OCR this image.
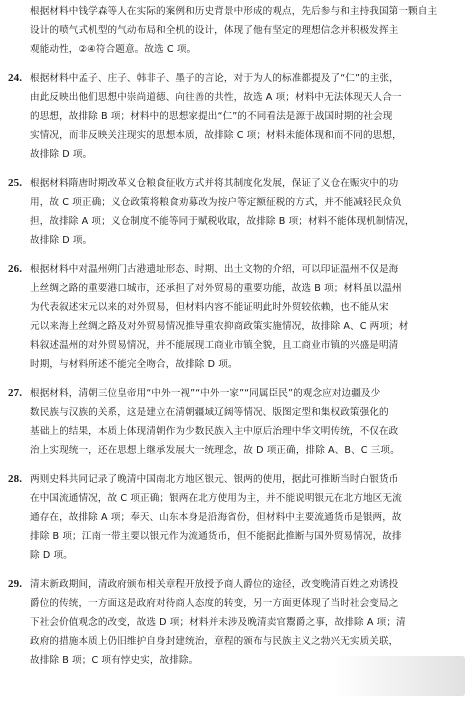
根据材料中钱学森等人在实际的案例和历史背景中形成的观点，先后参与和主持我国第一颗自主
设计的喷气式机型的气动布局和全机的设计，体现了他有坚定的理想信念并积极发挥主
观能动性，②④符合题意。故选 C 项。
24. 根据材料中孟子、庄子、韩非子、墨子的言论，对于为人的标准都提及了“仁”的主张，
由此反映出他们思想中崇尚道德、向往善的共性，故选 A 项；材料中无法体现天人合一
的思想，故排除 B 项；材料中的思想家提出“仁”的不同看法是源于战国时期的社会现
实情况，而非反映关注现实的思想本质，故排除 C 项；材料未能体现和而不同的思想，
故排除 D 项。
25. 根据材料隋唐时期改革义仓粮食征收方式并将其制度化发展，保证了义仓在赈灾中的功
用，故 C 项正确；义仓政策将粮食劝募改为按户等定额征税的方式，并不能减轻民众负
担，故排除 A 项；义仓制度不能等同于赋税收取，故排除 B 项；材料不能体现机制情况，
故排除 D 项。
26. 根据材料中对温州朔门古港遗址形态、时期、出土文物的介绍，可以印证温州不仅是海
上丝绸之路的重要港口城市，还承担了对外贸易的重要功能，故选 B 项；材料虽以温州
为代表叙述宋元以来的对外贸易，但材料内容不能证明此时外贸较依赖，也不能从宋
元以来海上丝绸之路及对外贸易情况推导重农抑商政策实施情况，故排除 A、C 两项；材
料叙述温州的对外贸易情况，并不能展现工商业市镇全貌，且工商业市镇的兴盛是明清
时期，与材料所述不能完全吻合，故排除 D 项。
27. 根据材料，清朝三位皇帝用“中外一视”“中外一家”“同属臣民”的观念应对边疆及少
数民族与汉族的关系，这是建立在清朝疆域辽阔等情况、版图定型和集权政策强化的
基础上的结果，本质上体现清朝作为少数民族入主中原后治理中华文明传统，不仅在政
治上实现统一，还在思想上继承发展大一统理念，故 D 项正确，排除 A、B、C 三项。
28. 两则史料共同记录了晚清中国南北方地区银元、银两的使用，据此可推断当时白银货币
在中国流通情况，故 C 项正确；银两在北方使用为主，并不能说明银元在北方地区无流
通存在，故排除 A 项；奉天、山东本身是沿海省份，但材料中主要流通货币是银两，故
排除 B 项；江南一带主要以银元作为流通货币，但不能据此推断与国外贸易情况，故排
除 D 项。
29. 清末新政期间，清政府颁布相关章程开放授予商人爵位的途径，改变晚清百姓之劝诱投
爵位的传统，一方面这是政府对待商人态度的转变，另一方面更体现了当时社会变局之
下社会价值观念的改变，故选 D 项；材料并未涉及晚清卖官鬻爵之事，故排除 A 项；清
政府的措施本质上仍旧维护自身封建统治，章程的颁布与民族主义之勃兴无实质关联，
故排除 B 项；C 项有悖史实，故排除。
